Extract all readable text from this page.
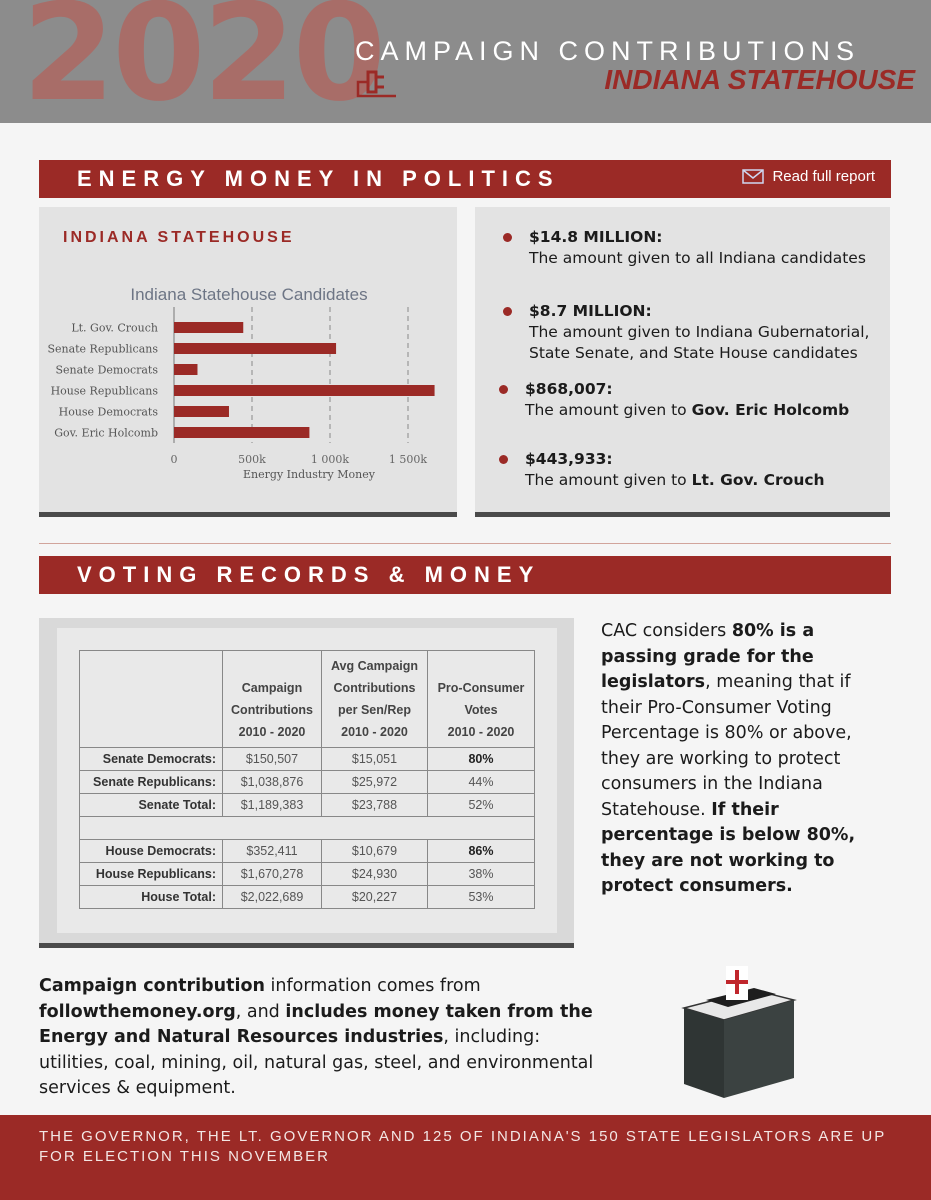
2020
CAMPAIGN CONTRIBUTIONS
INDIANA STATEHOUSE
ENERGY MONEY IN POLITICS	Read full report
INDIANA STATEHOUSE
Indiana Statehouse Candidates
0	500k	1 000k	1 500k
Lt. Gov. Crouch
Senate Republicans
Senate Democrats
House Republicans
House Democrats
Gov. Eric Holcomb
Energy Industry Money
$14.8 MILLION:
The amount given to all Indiana candidates
$8.7 MILLION:
The amount given to Indiana Gubernatorial, State Senate, and State House candidates
$868,007:
The amount given to Gov. Eric Holcomb
$443,933:
The amount given to Lt. Gov. Crouch
VOTING RECORDS & MONEY
	Campaign
Contributions
2010 - 2020	Avg Campaign
Contributions
per Sen/Rep
2010 - 2020	Pro-Consumer
Votes
2010 - 2020
Senate Democrats:	$150,507	$15,051	80%
Senate Republicans:	$1,038,876	$25,972	44%
Senate Total:	$1,189,383	$23,788	52%

House Democrats:	$352,411	$10,679	86%
House Republicans:	$1,670,278	$24,930	38%
House Total:	$2,022,689	$20,227	53%
CAC considers 80% is a passing grade for the legislators, meaning that if their Pro-Consumer Voting Percentage is 80% or above, they are working to protect consumers in the Indiana Statehouse. If their percentage is below 80%, they are not working to protect consumers.
Campaign contribution information comes from followthemoney.org, and includes money taken from the Energy and Natural Resources industries, including: utilities, coal, mining, oil, natural gas, steel, and environmental services & equipment.
THE GOVERNOR, THE LT. GOVERNOR AND 125 OF INDIANA'S 150 STATE LEGISLATORS ARE UP FOR ELECTION THIS NOVEMBER
